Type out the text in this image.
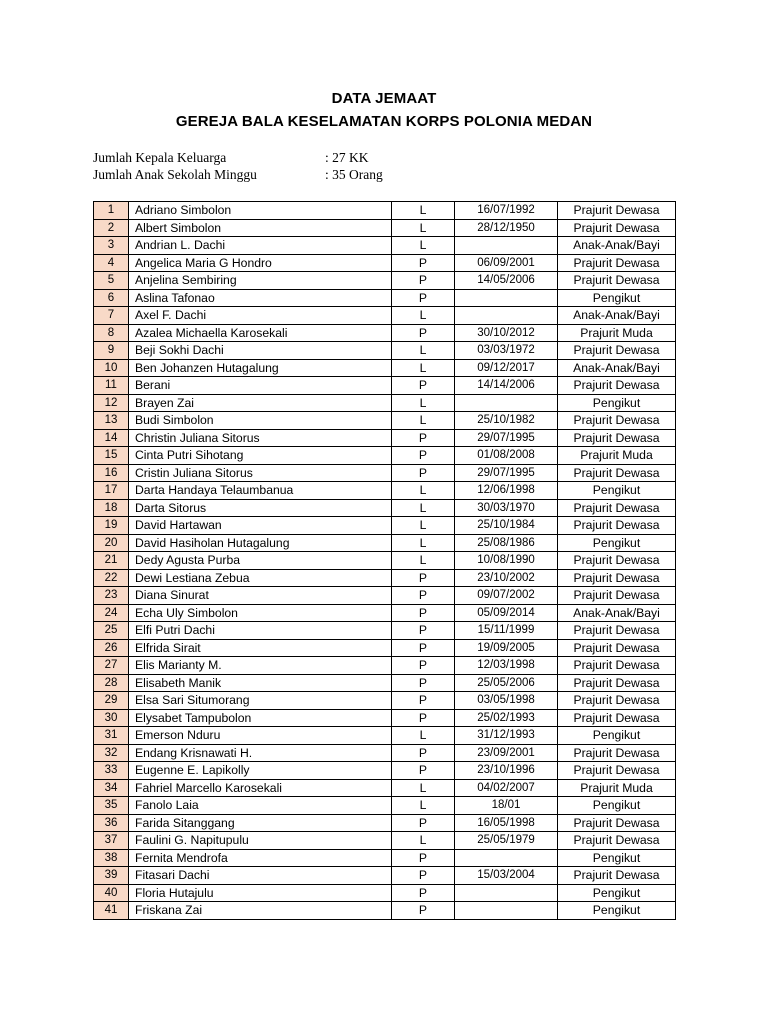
DATA JEMAAT
GEREJA BALA KESELAMATAN KORPS POLONIA MEDAN
Jumlah Kepala Keluarga	: 27 KK
Jumlah Anak Sekolah Minggu	: 35 Orang
1	Adriano Simbolon	L	16/07/1992	Prajurit Dewasa
2	Albert Simbolon	L	28/12/1950	Prajurit Dewasa
3	Andrian L. Dachi	L		Anak-Anak/Bayi
4	Angelica Maria G Hondro	P	06/09/2001	Prajurit Dewasa
5	Anjelina Sembiring	P	14/05/2006	Prajurit Dewasa
6	Aslina Tafonao	P		Pengikut
7	Axel F. Dachi	L		Anak-Anak/Bayi
8	Azalea Michaella Karosekali	P	30/10/2012	Prajurit Muda
9	Beji Sokhi Dachi	L	03/03/1972	Prajurit Dewasa
10	Ben Johanzen Hutagalung	L	09/12/2017	Anak-Anak/Bayi
11	Berani	P	14/14/2006	Prajurit Dewasa
12	Brayen Zai	L		Pengikut
13	Budi Simbolon	L	25/10/1982	Prajurit Dewasa
14	Christin Juliana Sitorus	P	29/07/1995	Prajurit Dewasa
15	Cinta Putri Sihotang	P	01/08/2008	Prajurit Muda
16	Cristin Juliana Sitorus	P	29/07/1995	Prajurit Dewasa
17	Darta Handaya Telaumbanua	L	12/06/1998	Pengikut
18	Darta Sitorus	L	30/03/1970	Prajurit Dewasa
19	David Hartawan	L	25/10/1984	Prajurit Dewasa
20	David Hasiholan Hutagalung	L	25/08/1986	Pengikut
21	Dedy Agusta Purba	L	10/08/1990	Prajurit Dewasa
22	Dewi Lestiana Zebua	P	23/10/2002	Prajurit Dewasa
23	Diana Sinurat	P	09/07/2002	Prajurit Dewasa
24	Echa Uly Simbolon	P	05/09/2014	Anak-Anak/Bayi
25	Elfi Putri Dachi	P	15/11/1999	Prajurit Dewasa
26	Elfrida Sirait	P	19/09/2005	Prajurit Dewasa
27	Elis Marianty M.	P	12/03/1998	Prajurit Dewasa
28	Elisabeth Manik	P	25/05/2006	Prajurit Dewasa
29	Elsa Sari Situmorang	P	03/05/1998	Prajurit Dewasa
30	Elysabet Tampubolon	P	25/02/1993	Prajurit Dewasa
31	Emerson Nduru	L	31/12/1993	Pengikut
32	Endang Krisnawati H.	P	23/09/2001	Prajurit Dewasa
33	Eugenne E. Lapikolly	P	23/10/1996	Prajurit Dewasa
34	Fahriel Marcello Karosekali	L	04/02/2007	Prajurit Muda
35	Fanolo Laia	L	18/01	Pengikut
36	Farida Sitanggang	P	16/05/1998	Prajurit Dewasa
37	Faulini G. Napitupulu	L	25/05/1979	Prajurit Dewasa
38	Fernita Mendrofa	P		Pengikut
39	Fitasari Dachi	P	15/03/2004	Prajurit Dewasa
40	Floria Hutajulu	P		Pengikut
41	Friskana Zai	P		Pengikut
